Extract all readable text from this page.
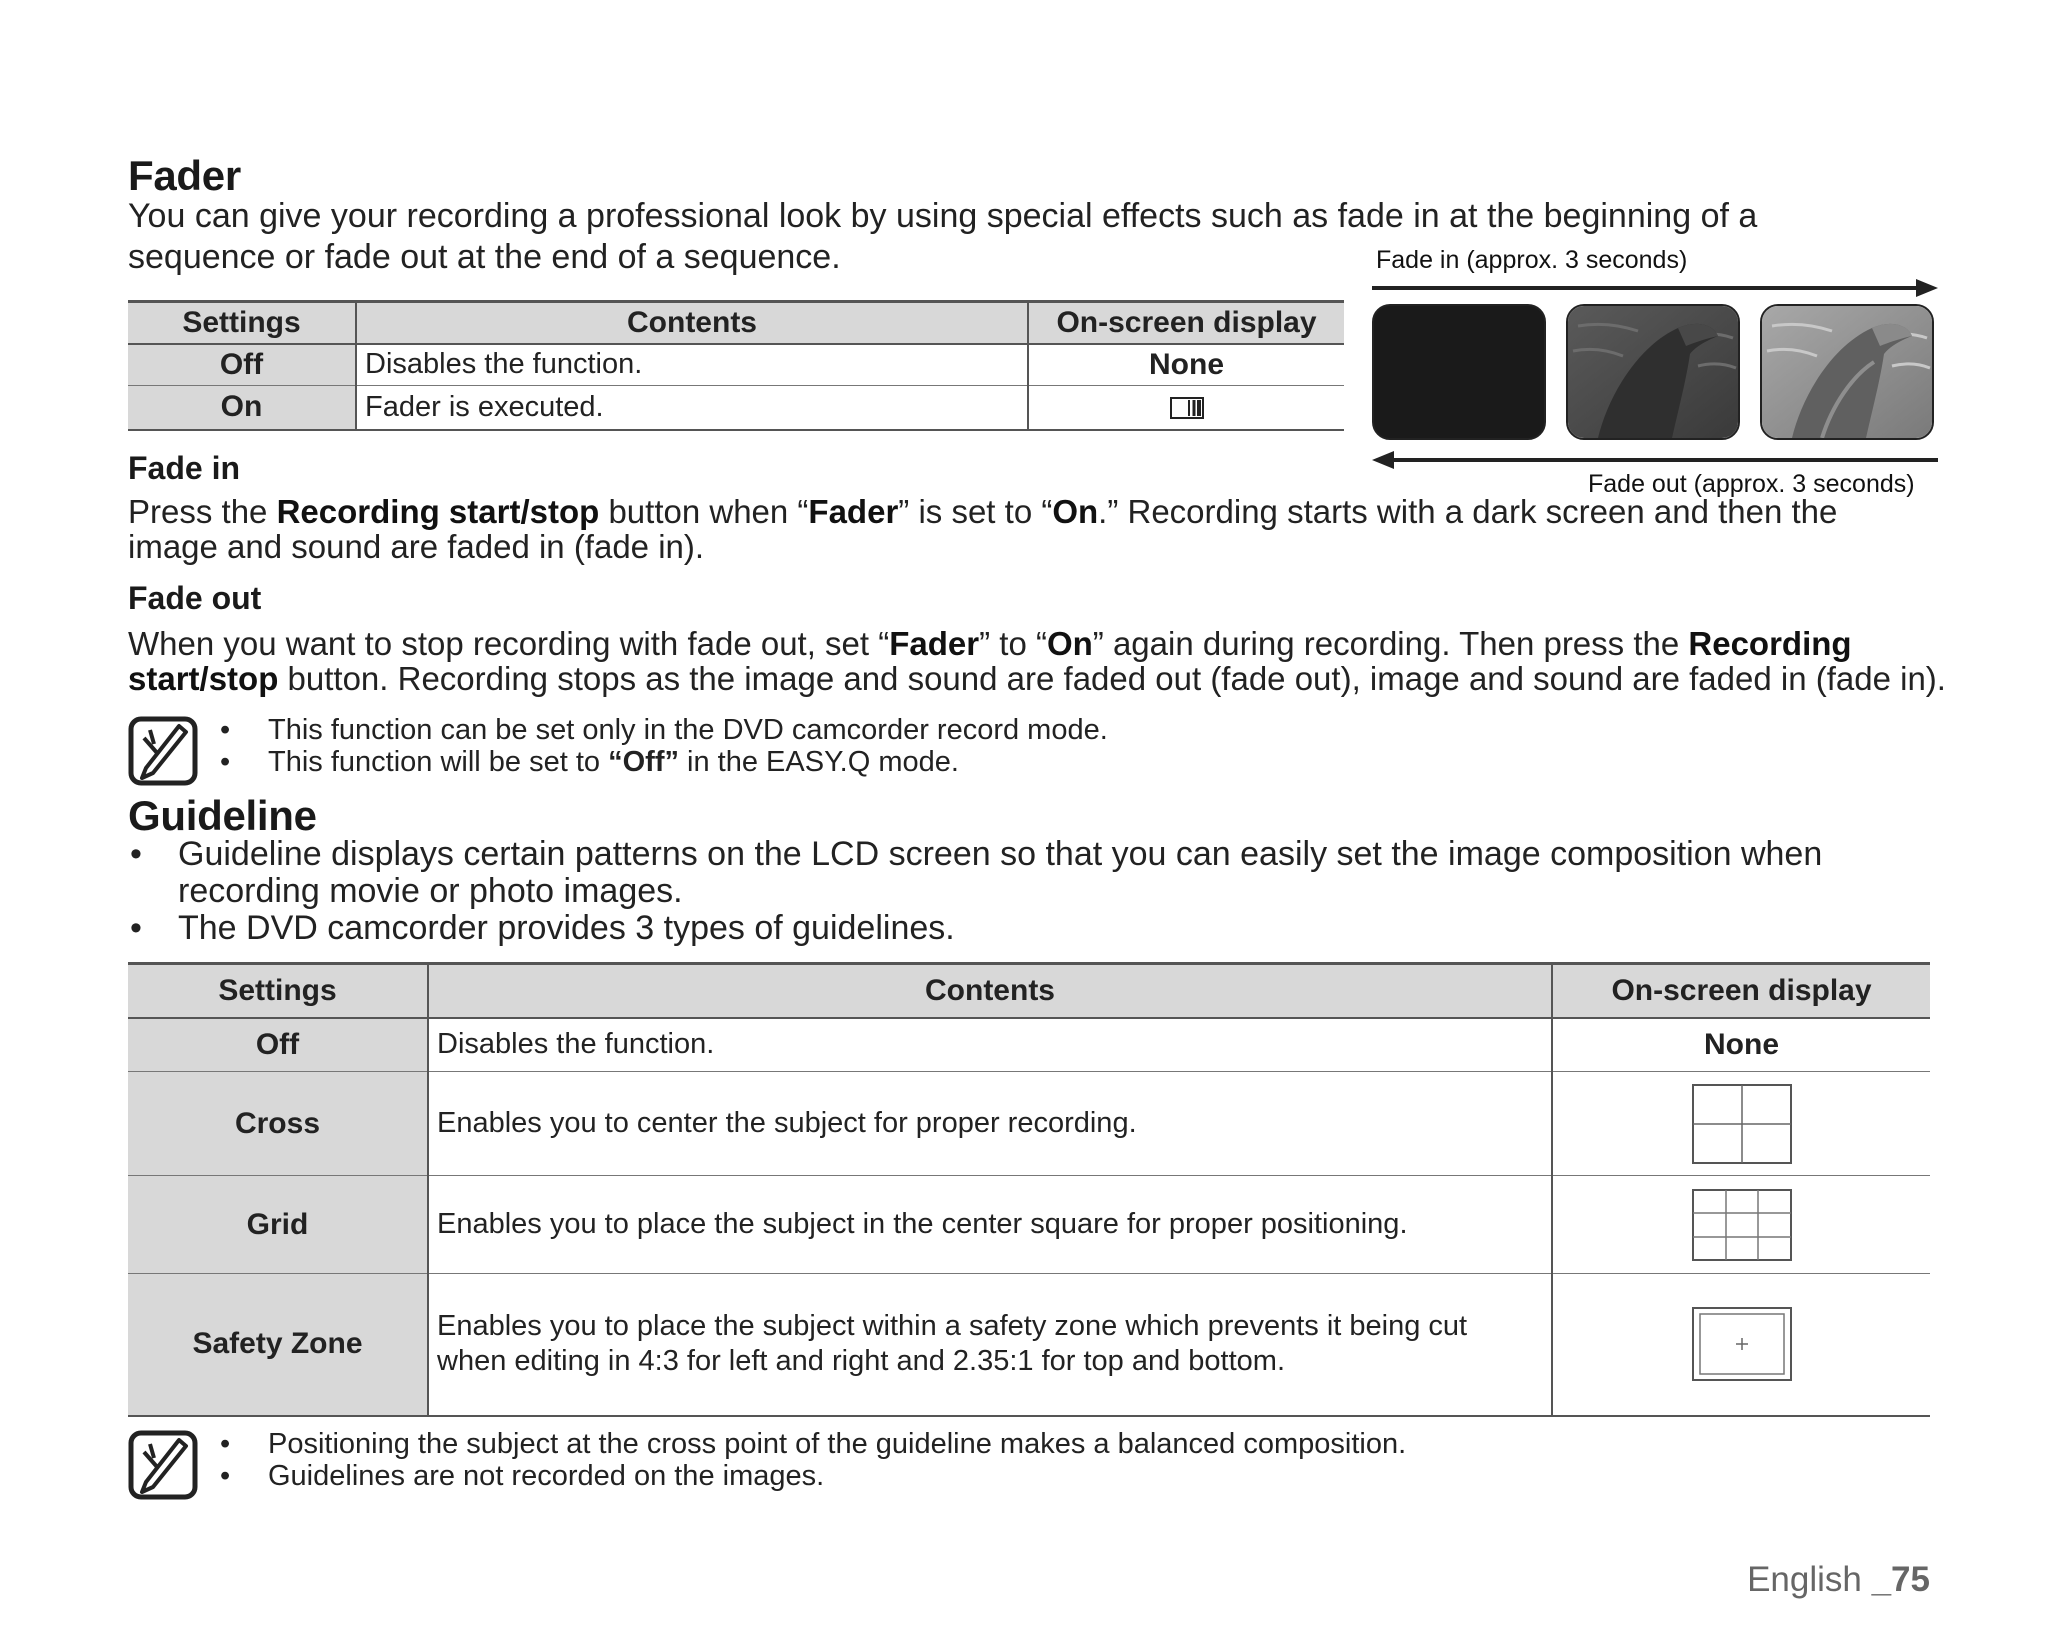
Fader
You can give your recording a professional look by using special effects such as fade in at the beginning of a sequence or fade out at the end of a sequence.
Settings	Contents	On-screen display
Off	Disables the function.	None
On	Fader is executed.	
Fade in (approx. 3 seconds)
Fade out (approx. 3 seconds)
Fade in
Press the Recording start/stop button when “Fader” is set to “On.” Recording starts with a dark screen and then the image and sound are faded in (fade in).
Fade out
When you want to stop recording with fade out, set “Fader” to “On” again during recording. Then press the Recording start/stop button. Recording stops as the image and sound are faded out (fade out), image and sound are faded in (fade in).
• This function can be set only in the DVD camcorder record mode.
• This function will be set to “Off” in the EASY.Q mode.
Guideline
• Guideline displays certain patterns on the LCD screen so that you can easily set the image composition when recording movie or photo images.
• The DVD camcorder provides 3 types of guidelines.
Settings	Contents	On-screen display
Off	Disables the function.	None
Cross	Enables you to center the subject for proper recording.	
Grid	Enables you to place the subject in the center square for proper positioning.	
Safety Zone	Enables you to place the subject within a safety zone which prevents it being cut when editing in 4:3 for left and right and 2.35:1 for top and bottom.	
• Positioning the subject at the cross point of the guideline makes a balanced composition.
• Guidelines are not recorded on the images.
English _75
